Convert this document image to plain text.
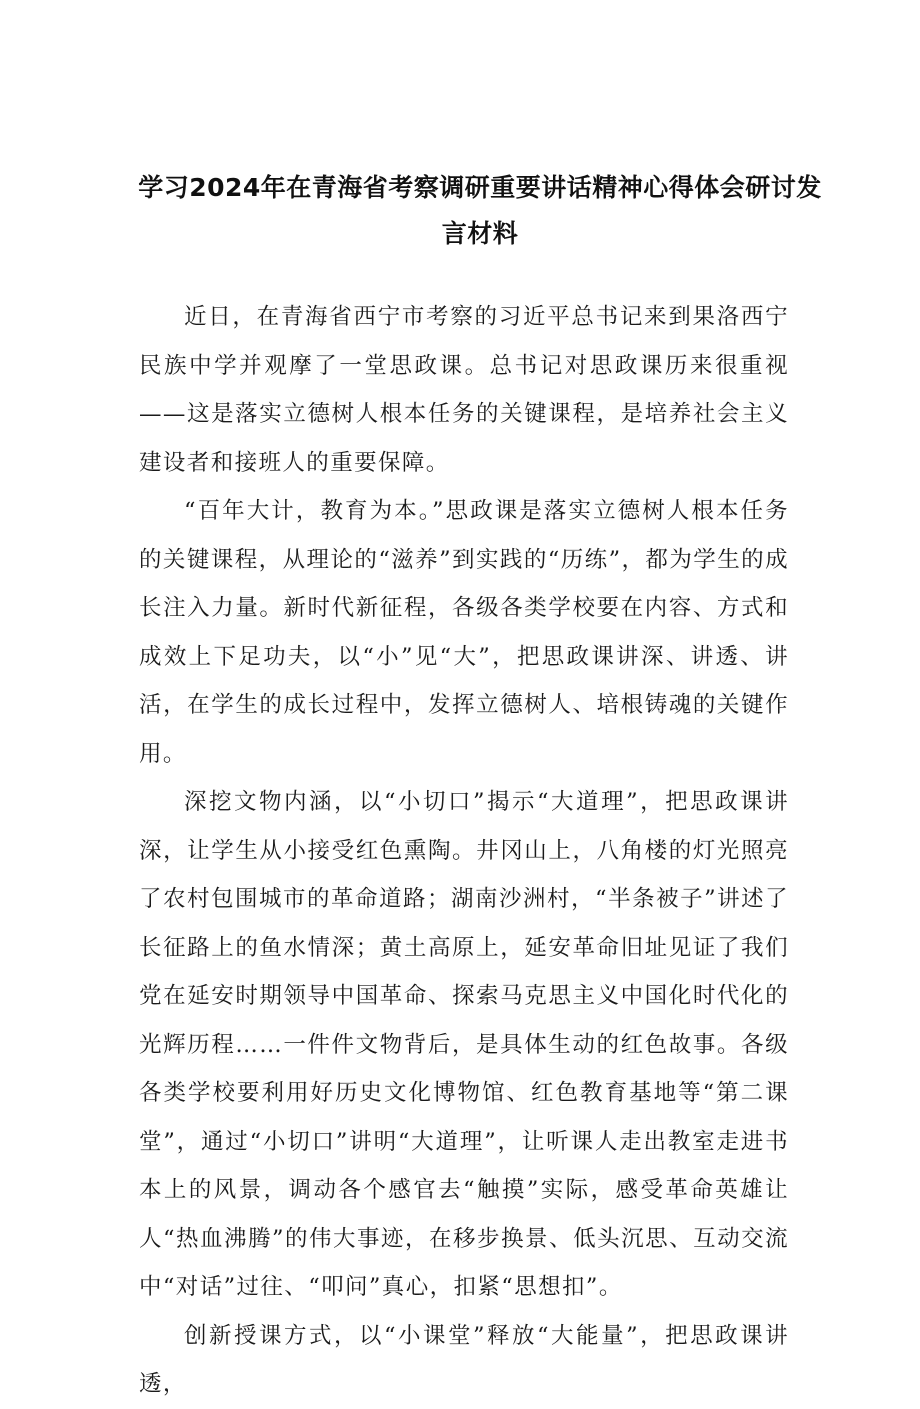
学习2024年在青海省考察调研重要讲话精神心得体会研讨发言材料

近日，在青海省西宁市考察的习近平总书记来到果洛西宁民族中学并观摩了一堂思政课。总书记对思政课历来很重视——这是落实立德树人根本任务的关键课程，是培养社会主义建设者和接班人的重要保障。

“百年大计，教育为本。”思政课是落实立德树人根本任务的关键课程，从理论的“滋养”到实践的“历练”，都为学生的成长注入力量。新时代新征程，各级各类学校要在内容、方式和成效上下足功夫，以“小”见“大”，把思政课讲深、讲透、讲活，在学生的成长过程中，发挥立德树人、培根铸魂的关键作用。

深挖文物内涵，以“小切口”揭示“大道理”，把思政课讲深，让学生从小接受红色熏陶。井冈山上，八角楼的灯光照亮了农村包围城市的革命道路；湖南沙洲村，“半条被子”讲述了长征路上的鱼水情深；黄土高原上，延安革命旧址见证了我们党在延安时期领导中国革命、探索马克思主义中国化时代化的光辉历程……一件件文物背后，是具体生动的红色故事。各级各类学校要利用好历史文化博物馆、红色教育基地等“第二课堂”，通过“小切口”讲明“大道理”，让听课人走出教室走进书本上的风景，调动各个感官去“触摸”实际，感受革命英雄让人“热血沸腾”的伟大事迹，在移步换景、低头沉思、互动交流中“对话”过往、“叩问”真心，扣紧“思想扣”。

创新授课方式，以“小课堂”释放“大能量”，把思政课讲透，
